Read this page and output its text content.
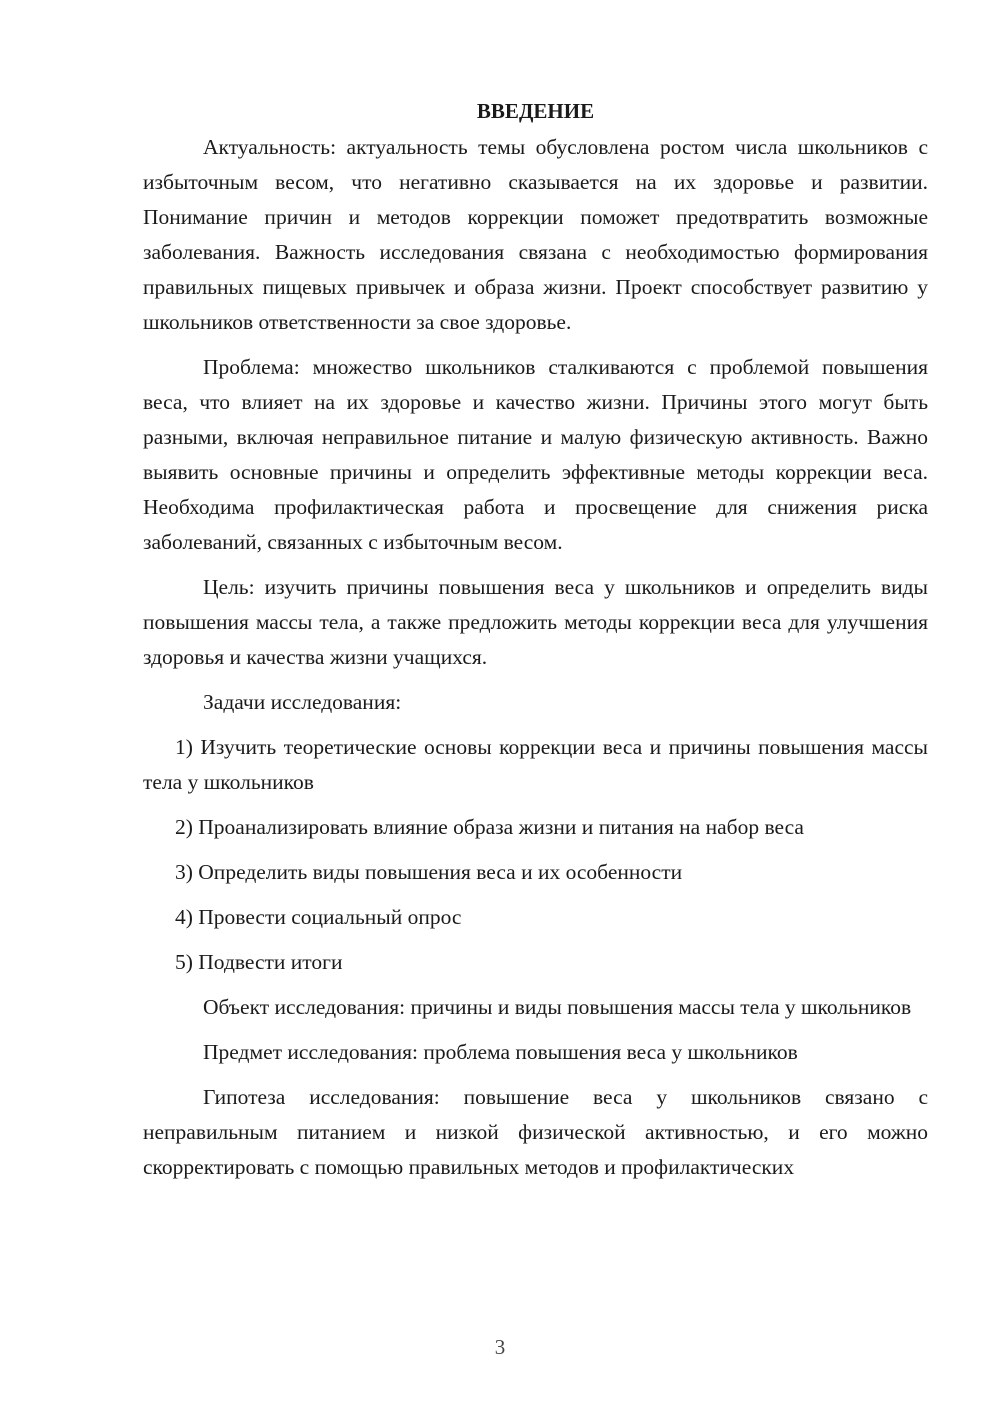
ВВЕДЕНИЕ

Актуальность: актуальность темы обусловлена ростом числа школьников с избыточным весом, что негативно сказывается на их здоровье и развитии. Понимание причин и методов коррекции поможет предотвратить возможные заболевания. Важность исследования связана с необходимостью формирования правильных пищевых привычек и образа жизни. Проект способствует развитию у школьников ответственности за свое здоровье.

Проблема: множество школьников сталкиваются с проблемой повышения веса, что влияет на их здоровье и качество жизни. Причины этого могут быть разными, включая неправильное питание и малую физическую активность. Важно выявить основные причины и определить эффективные методы коррекции веса. Необходима профилактическая работа и просвещение для снижения риска заболеваний, связанных с избыточным весом.

Цель: изучить причины повышения веса у школьников и определить виды повышения массы тела, а также предложить методы коррекции веса для улучшения здоровья и качества жизни учащихся.

Задачи исследования:

1) Изучить теоретические основы коррекции веса и причины повышения массы тела у школьников

2) Проанализировать влияние образа жизни и питания на набор веса

3) Определить виды повышения веса и их особенности

4) Провести социальный опрос

5) Подвести итоги

Объект исследования: причины и виды повышения массы тела у школьников

Предмет исследования: проблема повышения веса у школьников

Гипотеза исследования: повышение веса у школьников связано с неправильным питанием и низкой физической активностью, и его можно скорректировать с помощью правильных методов и профилактических

3
